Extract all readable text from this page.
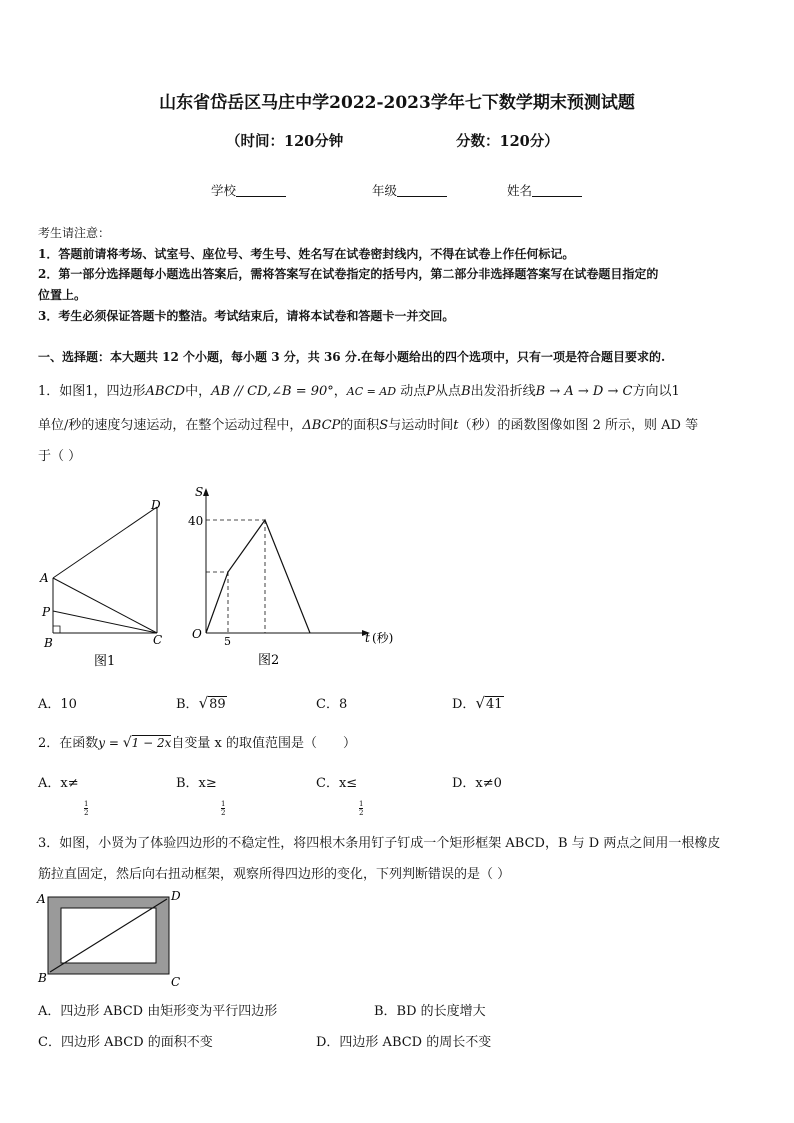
山东省岱岳区马庄中学2022-2023学年七下数学期末预测试题
（时间：120分钟	分数：120分）
学校	年级	姓名
考生请注意：
1．答题前请将考场、试室号、座位号、考生号、姓名写在试卷密封线内，不得在试卷上作任何标记。
2．第一部分选择题每小题选出答案后，需将答案写在试卷指定的括号内，第二部分非选择题答案写在试卷题目指定的
位置上。
3．考生必须保证答题卡的整洁。考试结束后，请将本试卷和答题卡一并交回。
一、选择题：本大题共 12 个小题，每小题 3 分，共 36 分.在每小题给出的四个选项中，只有一项是符合题目要求的.
1．如图1，四边形ABCD中，AB // CD,∠B = 90°，AC = AD 动点P从点B出发沿折线B → A → D → C方向以1
单位/秒的速度匀速运动，在整个运动过程中，ΔBCP的面积S与运动时间t（秒）的函数图像如图 2 所示，则 AD 等
于（ ）
A
P
B	C
D
图1
S
40
O
5	t (秒)
图2
A．10	B．√89	C．8	D．√41
2．在函数y = √1 − 2x自变量 x 的取值范围是（　　）
A．x≠
$\frac{1}{2}$
B．x≥
$\frac{1}{2}$
C．x≤
$\frac{1}{2}$
D．x≠0
3．如图，小贤为了体验四边形的不稳定性，将四根木条用钉子钉成一个矩形框架 ABCD，B 与 D 两点之间用一根橡皮
筋拉直固定，然后向右扭动框架，观察所得四边形的变化，下列判断错误的是（ ）
A
B	C
D
A．四边形 ABCD 由矩形变为平行四边形	B．BD 的长度增大
C．四边形 ABCD 的面积不变	D．四边形 ABCD 的周长不变
